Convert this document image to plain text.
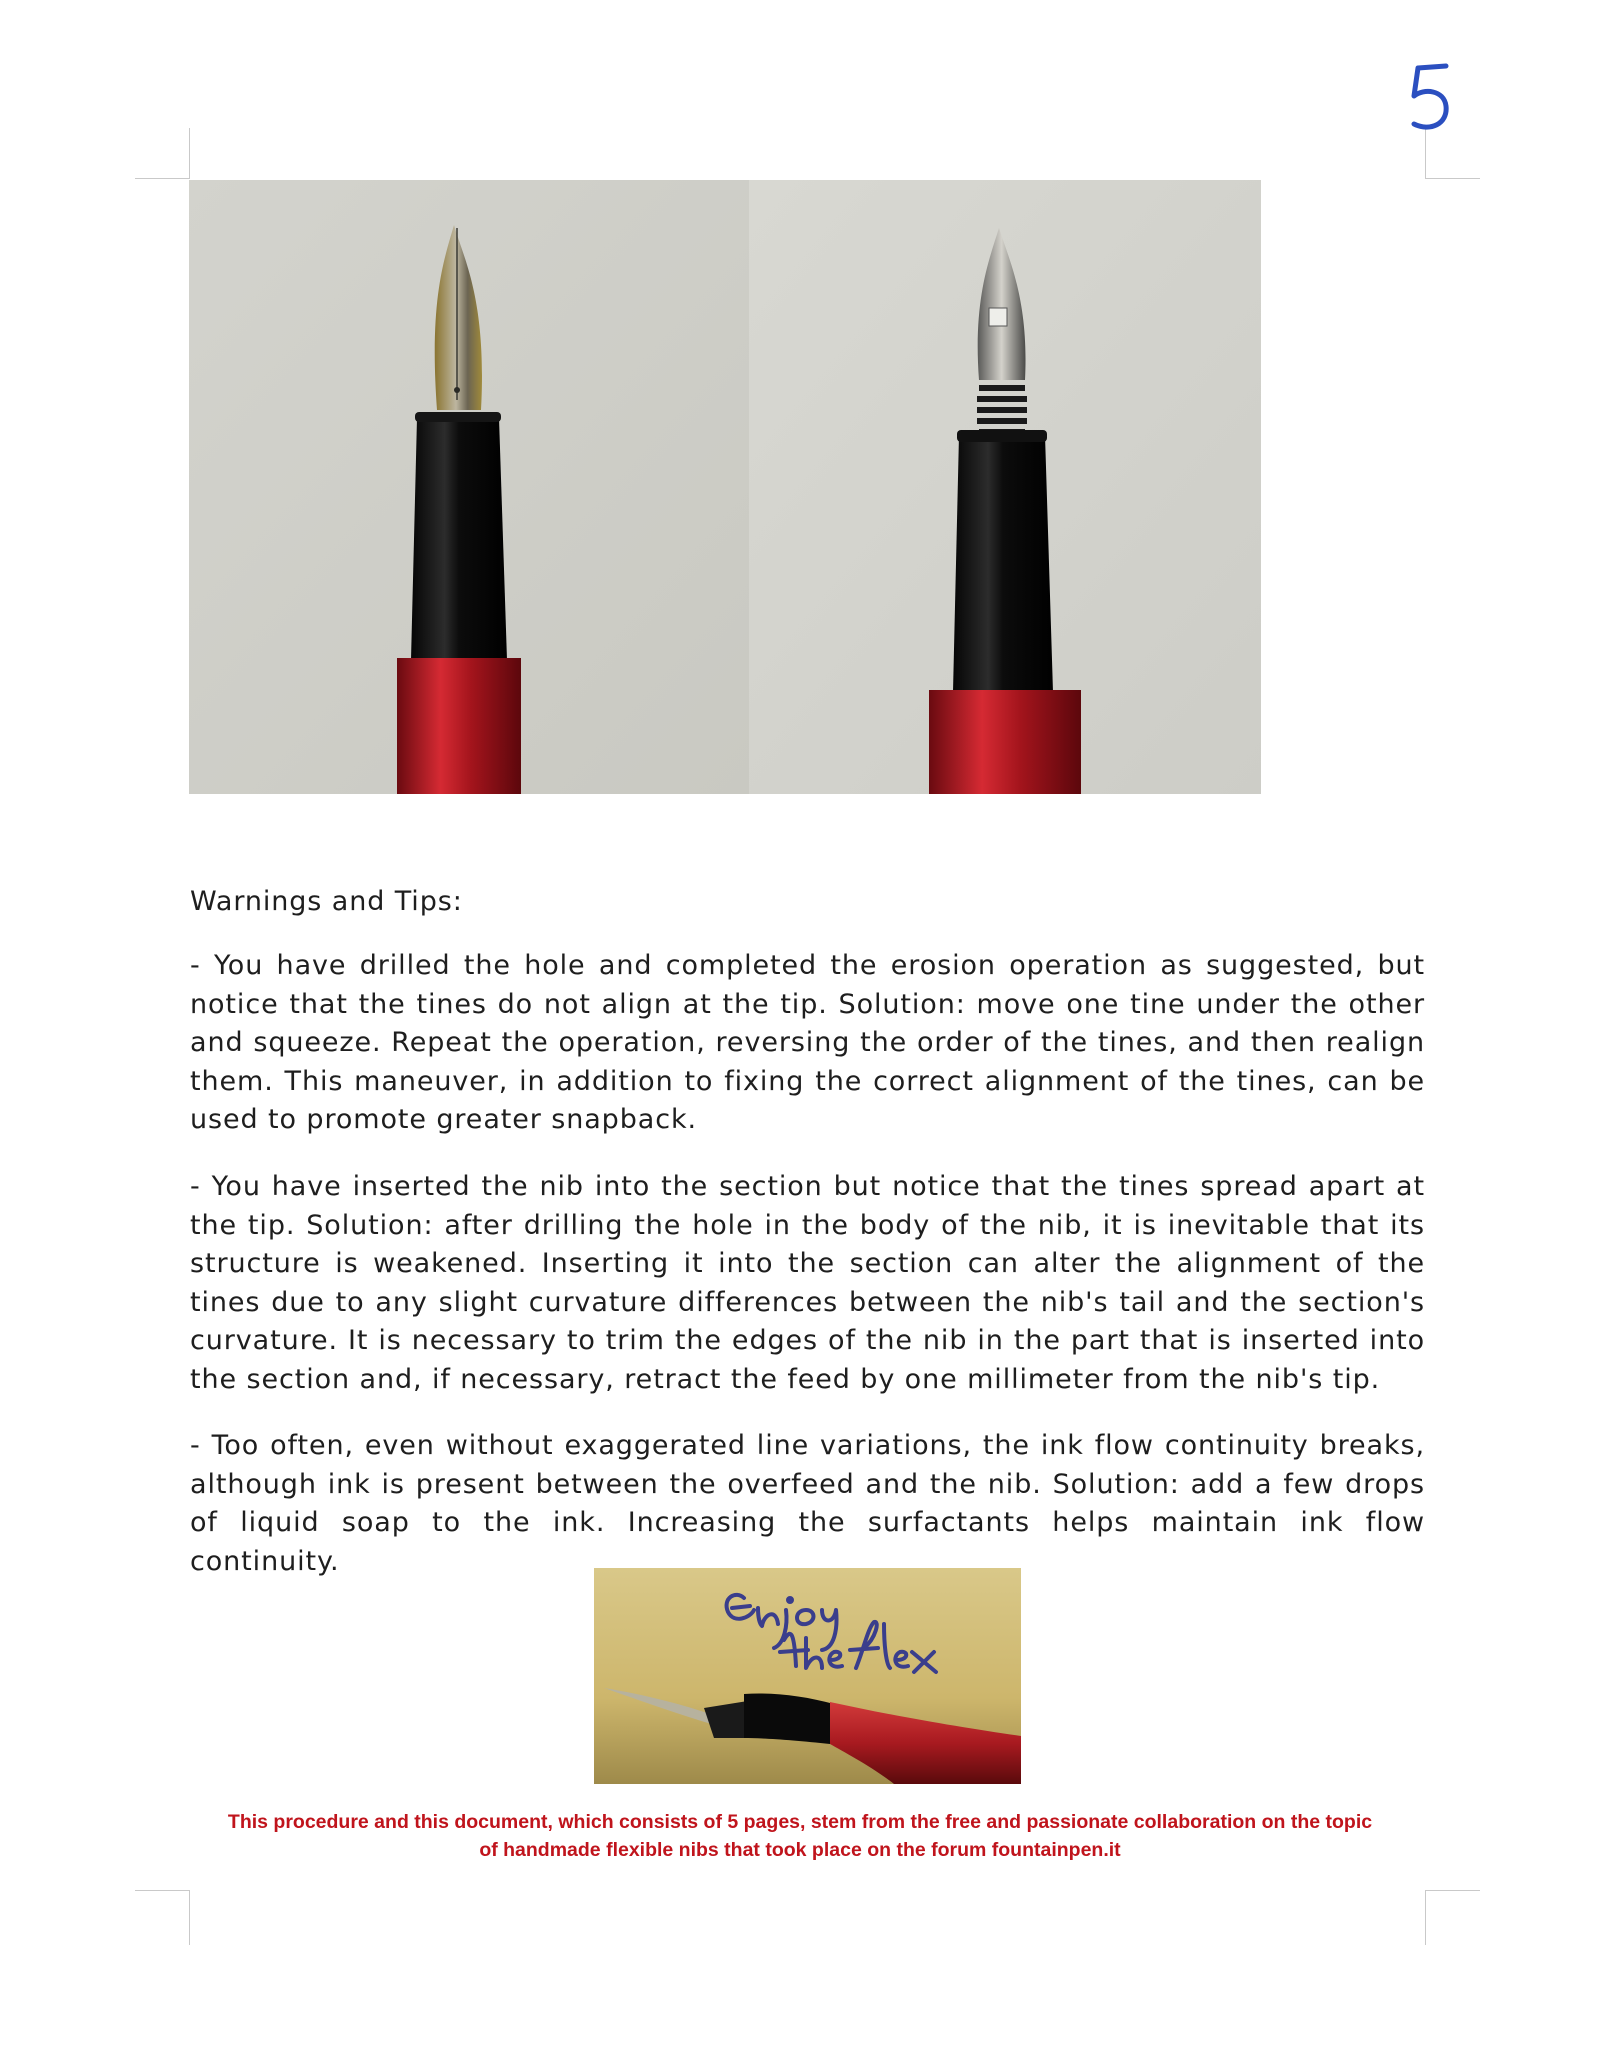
Warnings and Tips:
- You have drilled the hole and completed the erosion operation as suggested, but notice that the tines do not align at the tip. Solution: move one tine under the other and squeeze. Repeat the operation, reversing the order of the tines, and then realign them. This maneuver, in addition to fixing the correct alignment of the tines, can be used to promote greater snapback.
- You have inserted the nib into the section but notice that the tines spread apart at the tip. Solution: after drilling the hole in the body of the nib, it is inevitable that its structure is weakened. Inserting it into the section can alter the alignment of the tines due to any slight curvature differences between the nib's tail and the section's curvature. It is necessary to trim the edges of the nib in the part that is inserted into the section and, if necessary, retract the feed by one millimeter from the nib's tip.
- Too often, even without exaggerated line variations, the ink flow continuity breaks, although ink is present between the overfeed and the nib. Solution: add a few drops of liquid soap to the ink. Increasing the surfactants helps maintain ink flow continuity.
This procedure and this document, which consists of 5 pages, stem from the free and passionate collaboration on the topic
of handmade flexible nibs that took place on the forum fountainpen.it
